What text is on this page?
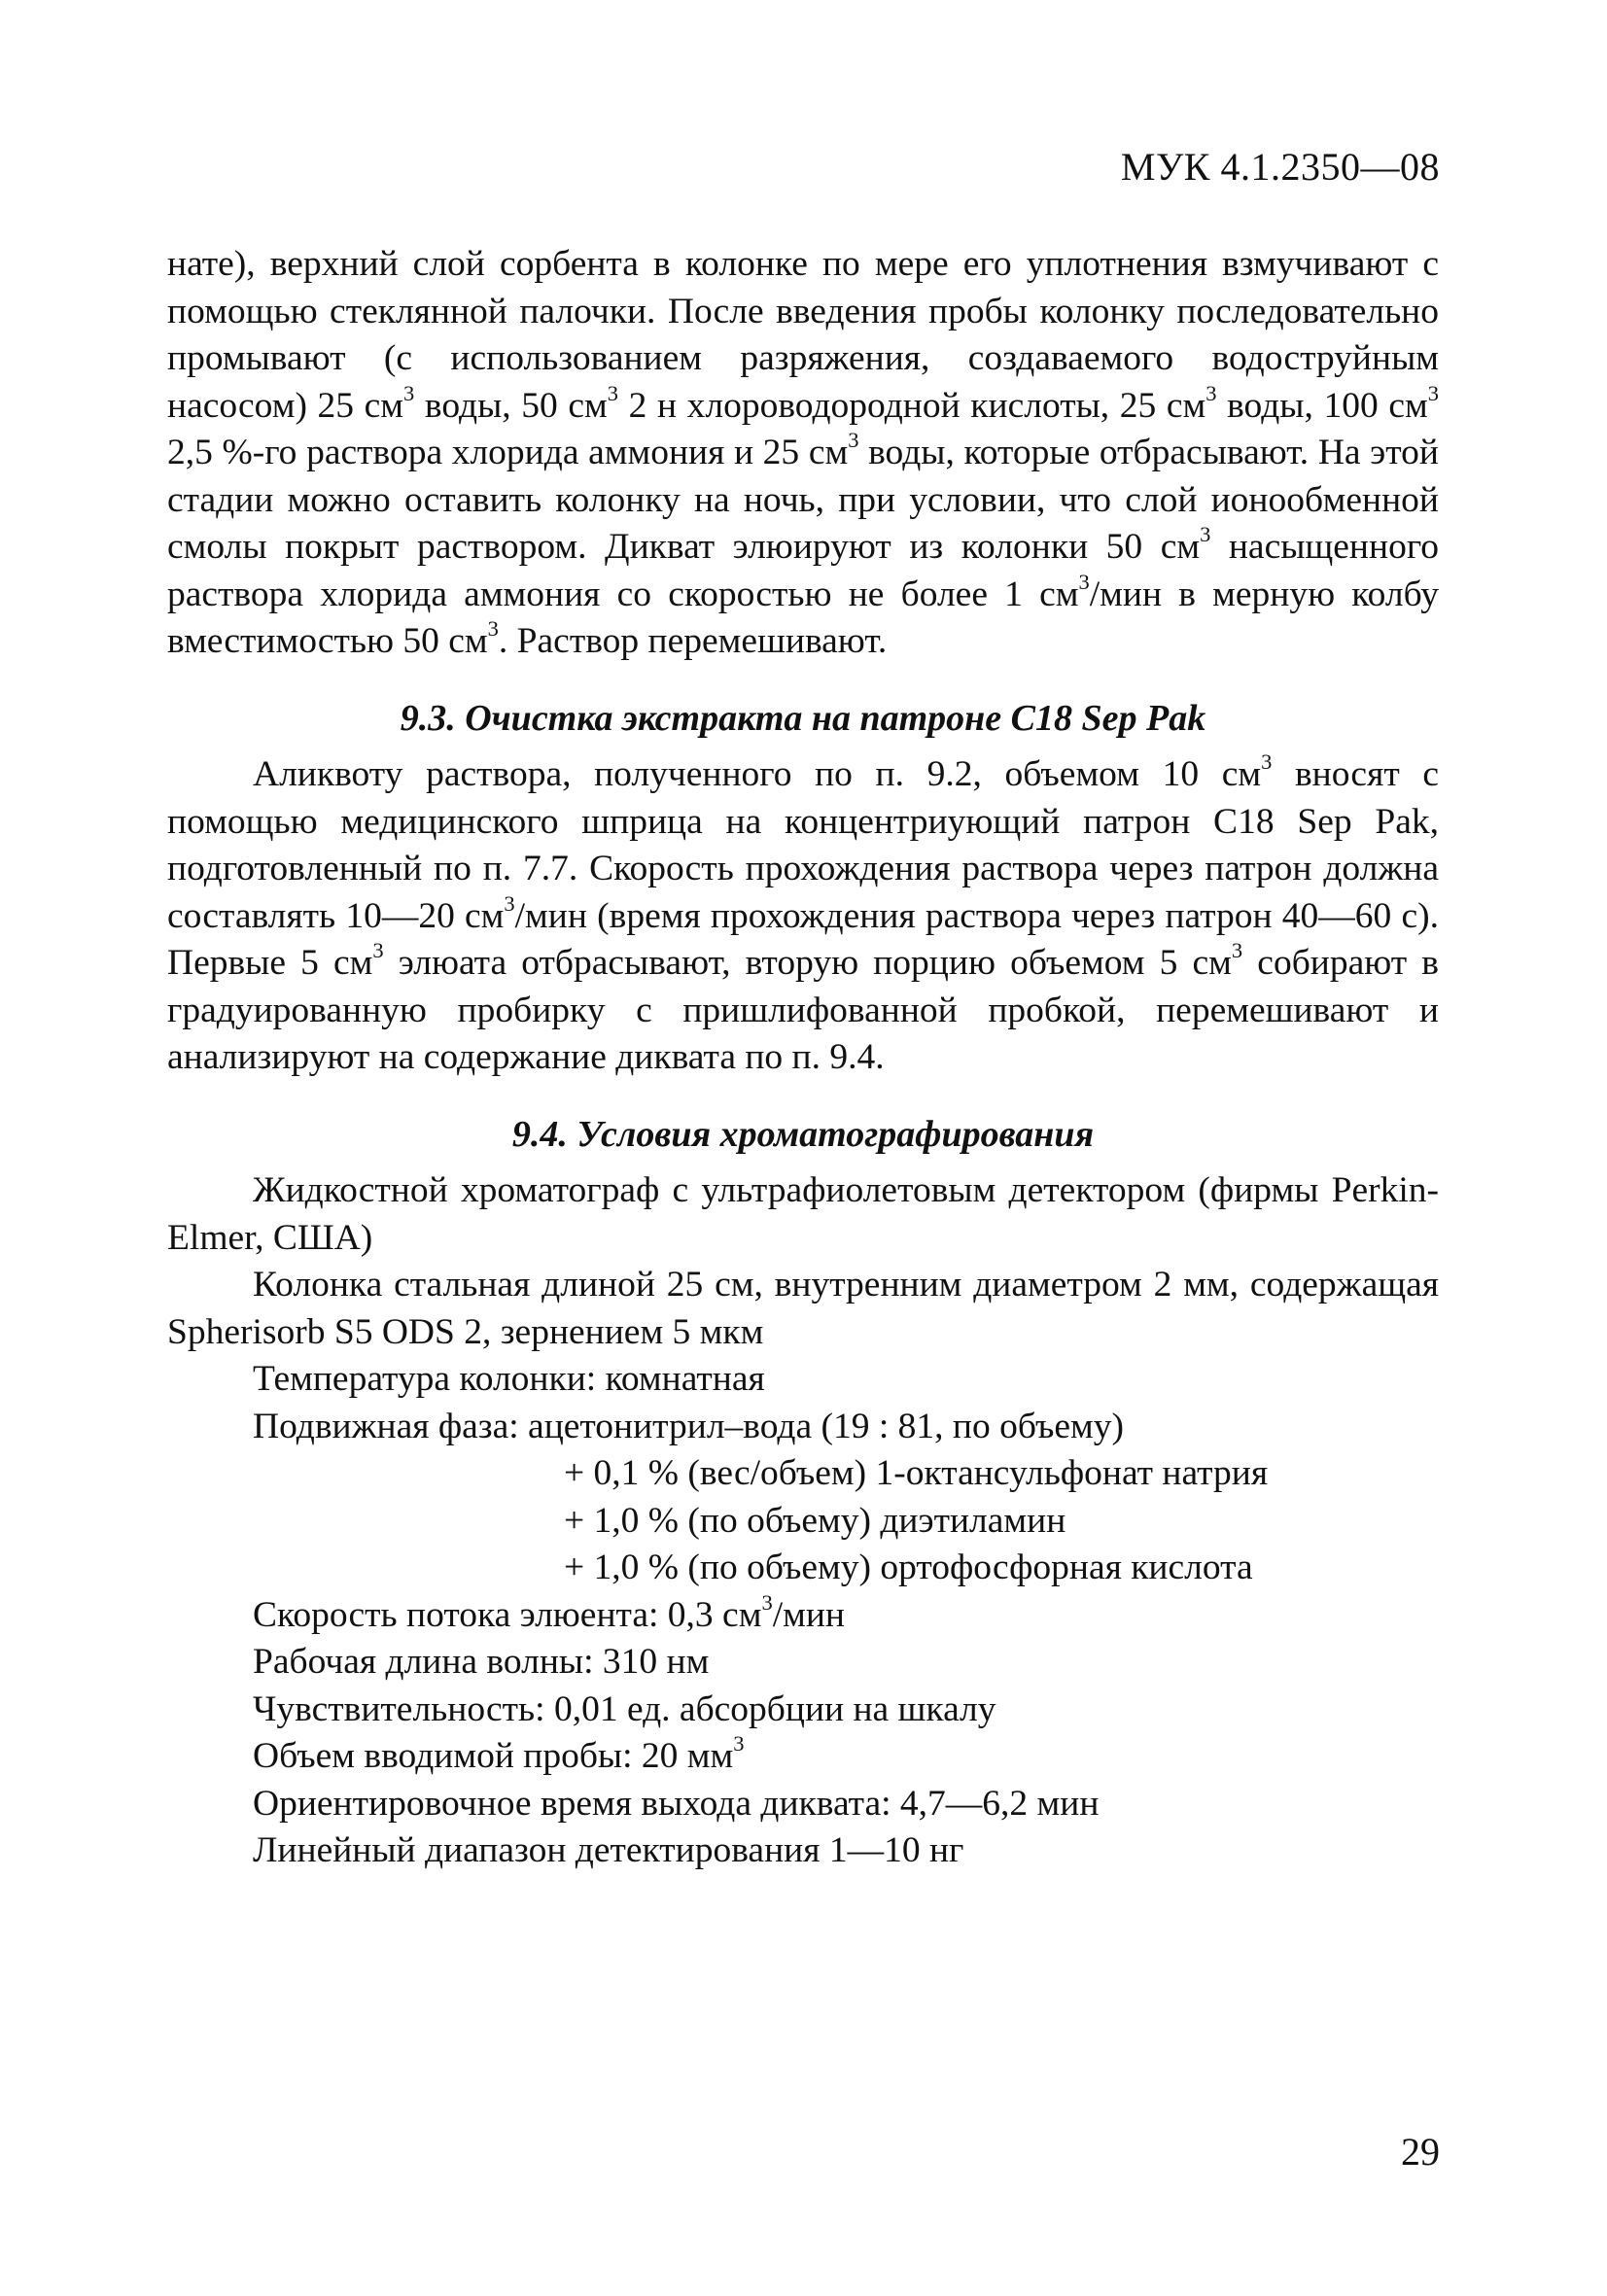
МУК 4.1.2350—08

нате), верхний слой сорбента в колонке по мере его уплотнения взмучивают с помощью стеклянной палочки. После введения пробы колонку последовательно промывают (с использованием разряжения, создаваемого водоструйным насосом) 25 $см^3$ воды, 50 $см^3$ 2 н хлороводородной кислоты, 25 $см^3$ воды, 100 $см^3$ 2,5 %-го раствора хлорида аммония и 25 $см^3$ воды, которые отбрасывают. На этой стадии можно оставить колонку на ночь, при условии, что слой ионообменной смолы покрыт раствором. Дикват элюируют из колонки 50 $см^3$ насыщенного раствора хлорида аммония со скоростью не более 1 $см^3$/мин в мерную колбу вместимостью 50 $см^3$. Раствор перемешивают.

9.3. Очистка экстракта на патроне С18 Sep Pak

Аликвоту раствора, полученного по п. 9.2, объемом 10 $см^3$ вносят с помощью медицинского шприца на концентриующий патрон С18 Sep Pak, подготовленный по п. 7.7. Скорость прохождения раствора через патрон должна составлять 10—20 $см^3$/мин (время прохождения раствора через патрон 40—60 с). Первые 5 $см^3$ элюата отбрасывают, вторую порцию объемом 5 $см^3$ собирают в градуированную пробирку с пришлифованной пробкой, перемешивают и анализируют на содержание диквата по п. 9.4.

9.4. Условия хроматографирования

Жидкостной хроматограф с ультрафиолетовым детектором (фирмы Perkin-Elmer, США)

Колонка стальная длиной 25 см, внутренним диаметром 2 мм, содержащая Spherisorb S5 ODS 2, зернением 5 мкм

Температура колонки: комнатная
Подвижная фаза: ацетонитрил–вода (19 : 81, по объему)
+ 0,1 % (вес/объем) 1-октансульфонат натрия
+ 1,0 % (по объему) диэтиламин
+ 1,0 % (по объему) ортофосфорная кислота
Скорость потока элюента: 0,3 $см^3$/мин
Рабочая длина волны: 310 нм
Чувствительность: 0,01 ед. абсорбции на шкалу
Объем вводимой пробы: 20 $мм^3$
Ориентировочное время выхода диквата: 4,7—6,2 мин
Линейный диапазон детектирования 1—10 нг
29
